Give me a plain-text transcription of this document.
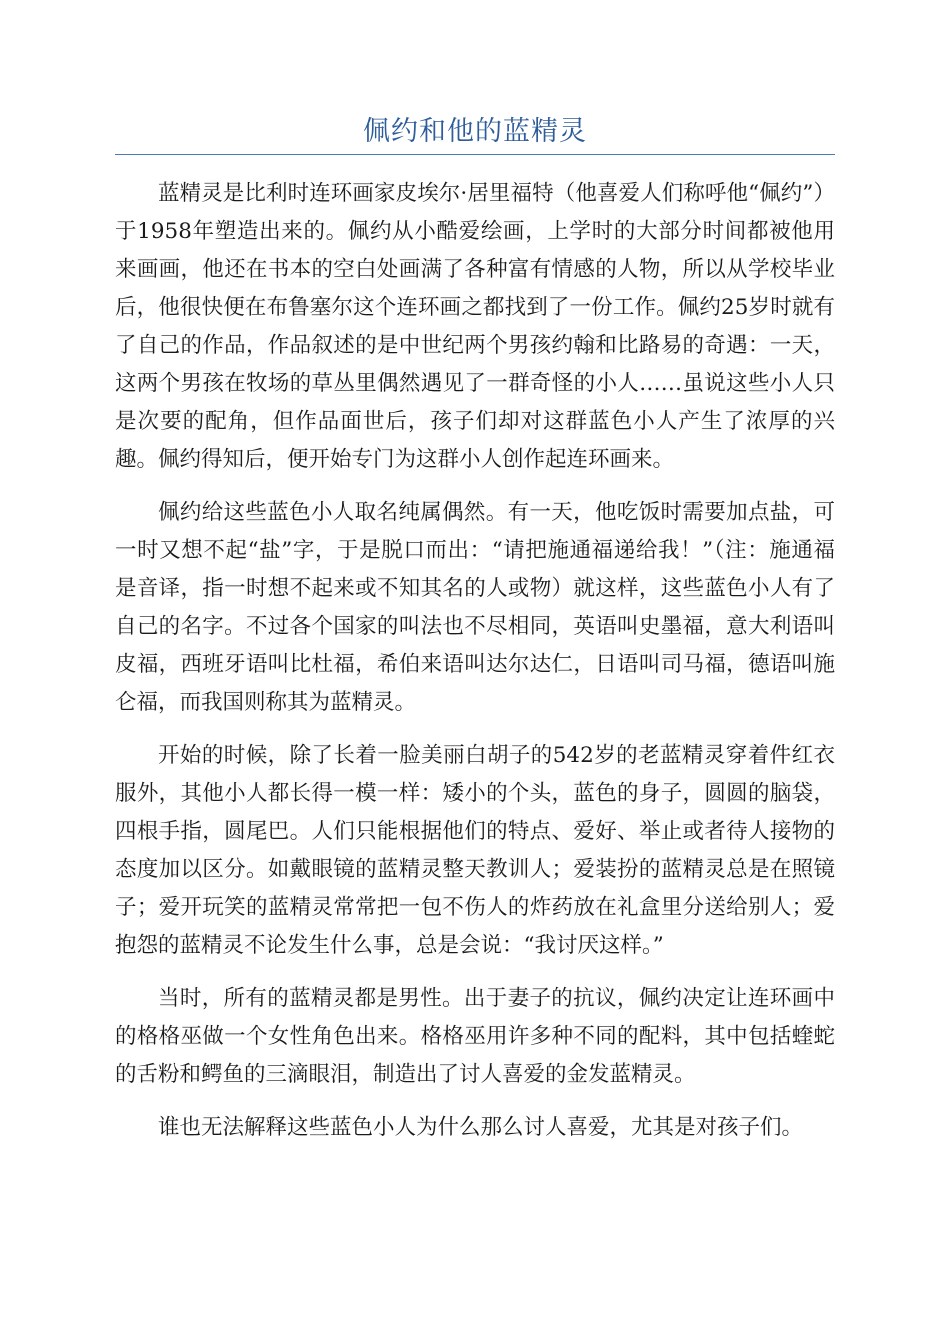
佩约和他的蓝精灵

蓝精灵是比利时连环画家皮埃尔·居里福特（他喜爱人们称呼他“佩约”）于1958年塑造出来的。佩约从小酷爱绘画，上学时的大部分时间都被他用来画画，他还在书本的空白处画满了各种富有情感的人物，所以从学校毕业后，他很快便在布鲁塞尔这个连环画之都找到了一份工作。佩约25岁时就有了自己的作品，作品叙述的是中世纪两个男孩约翰和比路易的奇遇：一天，这两个男孩在牧场的草丛里偶然遇见了一群奇怪的小人……虽说这些小人只是次要的配角，但作品面世后，孩子们却对这群蓝色小人产生了浓厚的兴趣。佩约得知后，便开始专门为这群小人创作起连环画来。

佩约给这些蓝色小人取名纯属偶然。有一天，他吃饭时需要加点盐，可一时又想不起“盐”字，于是脱口而出：“请把施通福递给我！”（注：施通福是音译，指一时想不起来或不知其名的人或物）就这样，这些蓝色小人有了自己的名字。不过各个国家的叫法也不尽相同，英语叫史墨福，意大利语叫皮福，西班牙语叫比杜福，希伯来语叫达尔达仁，日语叫司马福，德语叫施仑福，而我国则称其为蓝精灵。

开始的时候，除了长着一脸美丽白胡子的542岁的老蓝精灵穿着件红衣服外，其他小人都长得一模一样：矮小的个头，蓝色的身子，圆圆的脑袋，四根手指，圆尾巴。人们只能根据他们的特点、爱好、举止或者待人接物的态度加以区分。如戴眼镜的蓝精灵整天教训人；爱装扮的蓝精灵总是在照镜子；爱开玩笑的蓝精灵常常把一包不伤人的炸药放在礼盒里分送给别人；爱抱怨的蓝精灵不论发生什么事，总是会说：“我讨厌这样。”

当时，所有的蓝精灵都是男性。出于妻子的抗议，佩约决定让连环画中的格格巫做一个女性角色出来。格格巫用许多种不同的配料，其中包括蝰蛇的舌粉和鳄鱼的三滴眼泪，制造出了讨人喜爱的金发蓝精灵。

谁也无法解释这些蓝色小人为什么那么讨人喜爱，尤其是对孩子们。
